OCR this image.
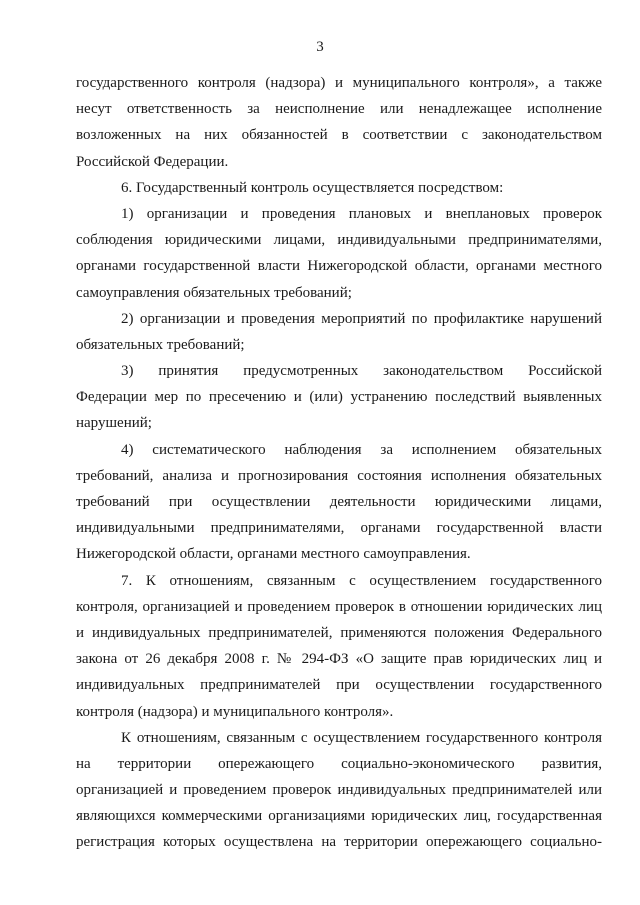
3
государственного контроля (надзора) и муниципального контроля», а также
несут ответственность за неисполнение или ненадлежащее исполнение
возложенных на них обязанностей в соответствии с законодательством
Российской Федерации.
6. Государственный контроль осуществляется посредством:
1) организации и проведения плановых и внеплановых проверок
соблюдения юридическими лицами, индивидуальными предпринимателями,
органами государственной власти Нижегородской области, органами местного
самоуправления обязательных требований;
2) организации и проведения мероприятий по профилактике нарушений
обязательных требований;
3) принятия предусмотренных законодательством Российской
Федерации мер по пресечению и (или) устранению последствий выявленных
нарушений;
4) систематического наблюдения за исполнением обязательных
требований, анализа и прогнозирования состояния исполнения обязательных
требований при осуществлении деятельности юридическими лицами,
индивидуальными предпринимателями, органами государственной власти
Нижегородской области, органами местного самоуправления.
7. К отношениям, связанным с осуществлением государственного
контроля, организацией и проведением проверок в отношении юридических лиц
и индивидуальных предпринимателей, применяются положения Федерального
закона от 26 декабря 2008 г. № 294-ФЗ «О защите прав юридических лиц и
индивидуальных предпринимателей при осуществлении государственного
контроля (надзора) и муниципального контроля».
К отношениям, связанным с осуществлением государственного контроля
на территории опережающего социально-экономического развития,
организацией и проведением проверок индивидуальных предпринимателей или
являющихся коммерческими организациями юридических лиц, государственная
регистрация которых осуществлена на территории опережающего социально-
